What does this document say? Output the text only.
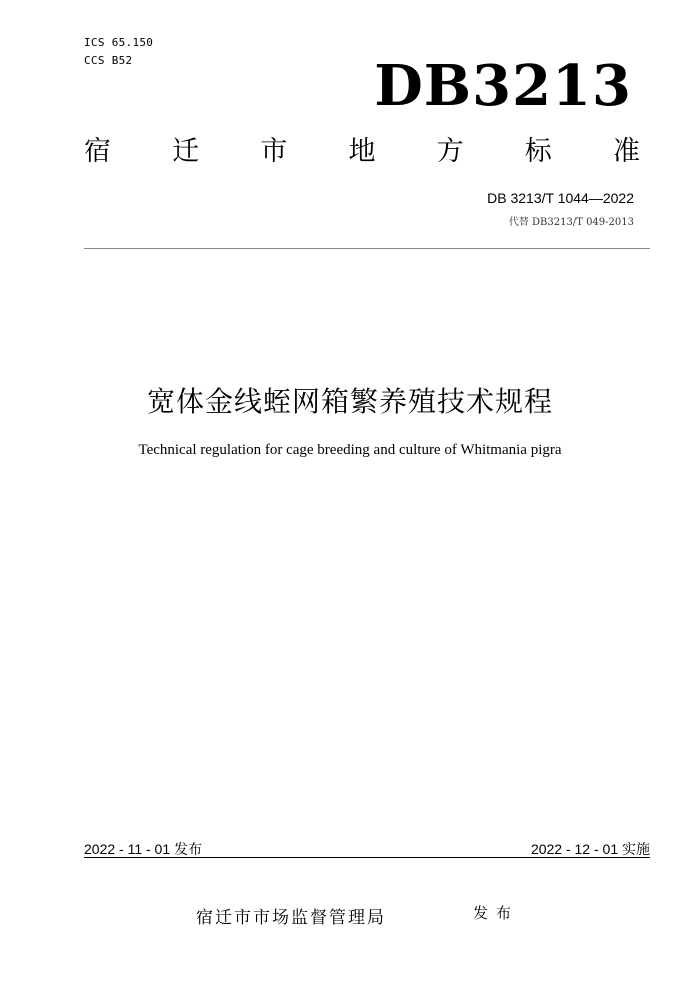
ICS 65.150
CCS B52	DB3213
宿 迁 市 地 方 标 准
DB 3213/T 1044—2022
代替 DB3213/T 049-2013
宽体金线蛭网箱繁养殖技术规程
Technical regulation for cage breeding and culture of Whitmania pigra
2022 - 11 - 01 发布	2022 - 12 - 01 实施
宿迁市市场监督管理局	发布
